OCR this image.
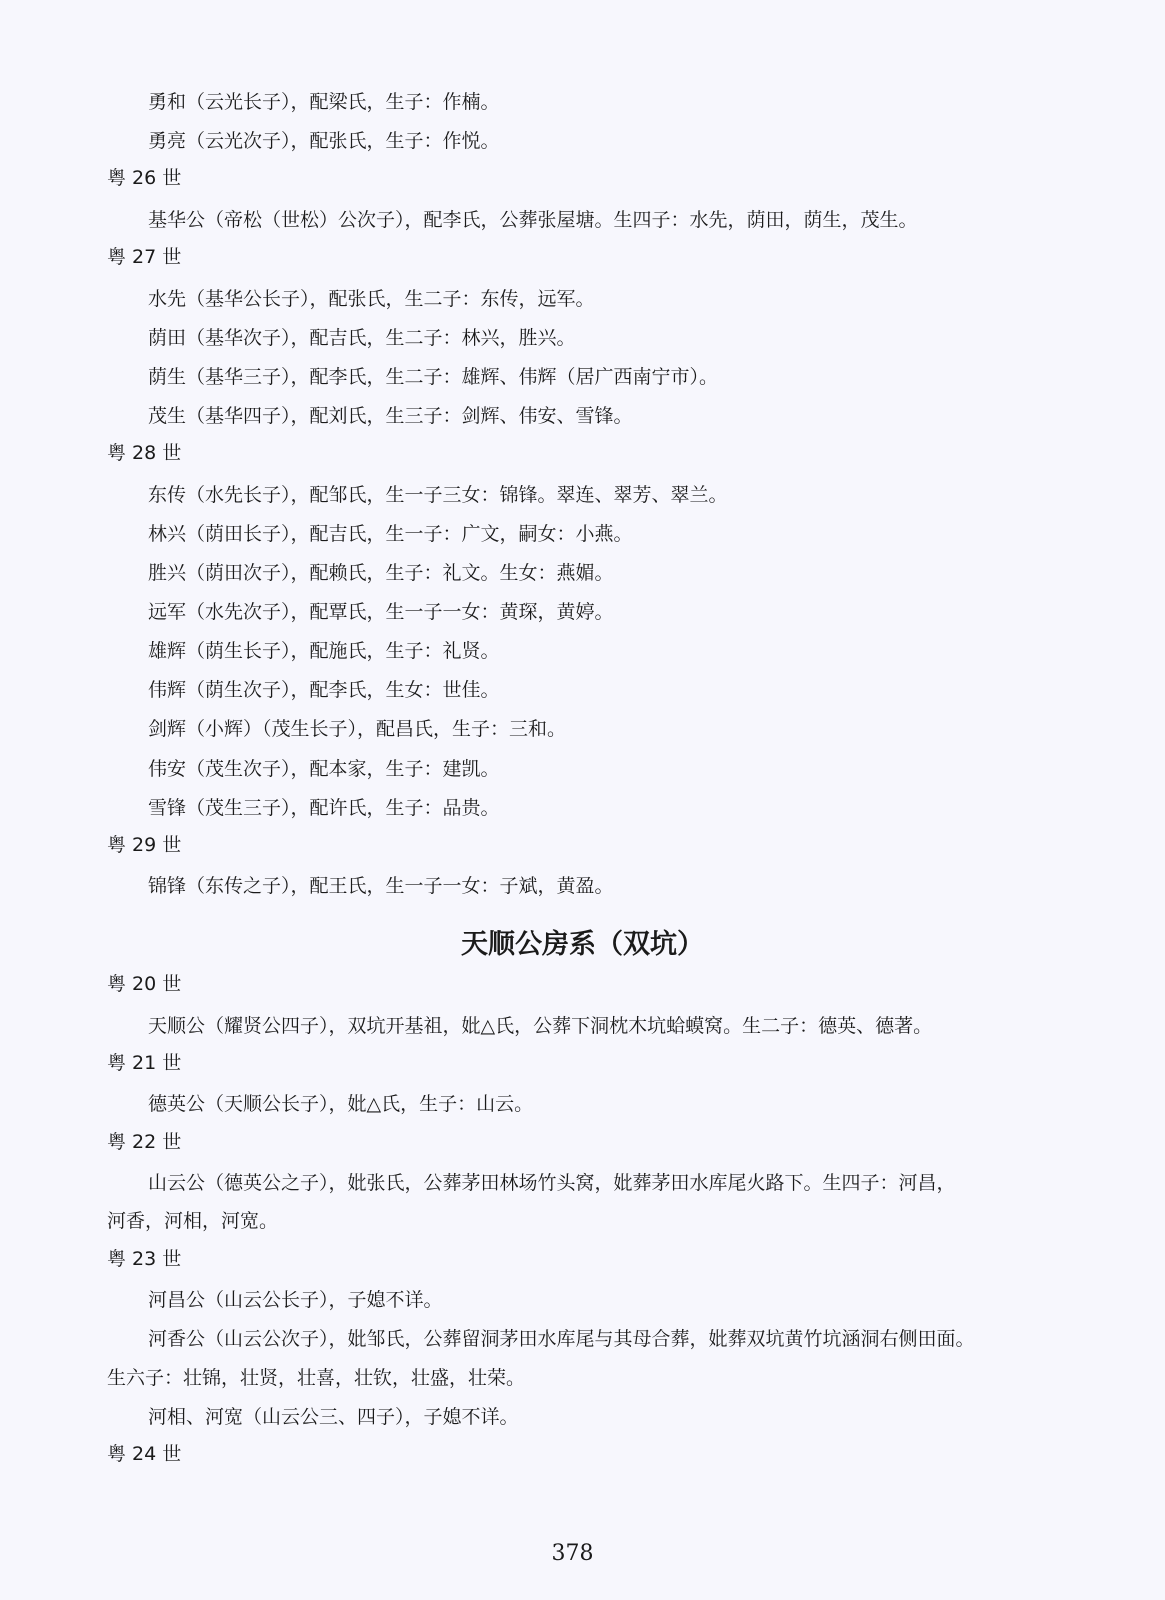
勇和（云光长子），配梁氏，生子：作楠。
勇亮（云光次子），配张氏，生子：作悦。
粤 26 世
基华公（帝松（世松）公次子），配李氏，公葬张屋塘。生四子：水先，荫田，荫生，茂生。
粤 27 世
水先（基华公长子），配张氏，生二子：东传，远军。
荫田（基华次子），配吉氏，生二子：林兴，胜兴。
荫生（基华三子），配李氏，生二子：雄辉、伟辉（居广西南宁市）。
茂生（基华四子），配刘氏，生三子：剑辉、伟安、雪锋。
粤 28 世
东传（水先长子），配邹氏，生一子三女：锦锋。翠连、翠芳、翠兰。
林兴（荫田长子），配吉氏，生一子：广文，嗣女：小燕。
胜兴（荫田次子），配赖氏，生子：礼文。生女：燕媚。
远军（水先次子），配覃氏，生一子一女：黄琛，黄婷。
雄辉（荫生长子），配施氏，生子：礼贤。
伟辉（荫生次子），配李氏，生女：世佳。
剑辉（小辉）（茂生长子），配昌氏，生子：三和。
伟安（茂生次子），配本家，生子：建凯。
雪锋（茂生三子），配许氏，生子：品贵。
粤 29 世
锦锋（东传之子），配王氏，生一子一女：子斌，黄盈。
天顺公房系（双坑）
粤 20 世
天顺公（耀贤公四子），双坑开基祖，妣△氏，公葬下洞枕木坑蛤蟆窝。生二子：德英、德著。
粤 21 世
德英公（天顺公长子），妣△氏，生子：山云。
粤 22 世
山云公（德英公之子），妣张氏，公葬茅田林场竹头窝，妣葬茅田水库尾火路下。生四子：河昌，
河香，河相，河宽。
粤 23 世
河昌公（山云公长子），子媳不详。
河香公（山云公次子），妣邹氏，公葬留洞茅田水库尾与其母合葬，妣葬双坑黄竹坑涵洞右侧田面。
生六子：壮锦，壮贤，壮喜，壮钦，壮盛，壮荣。
河相、河宽（山云公三、四子），子媳不详。
粤 24 世
378
